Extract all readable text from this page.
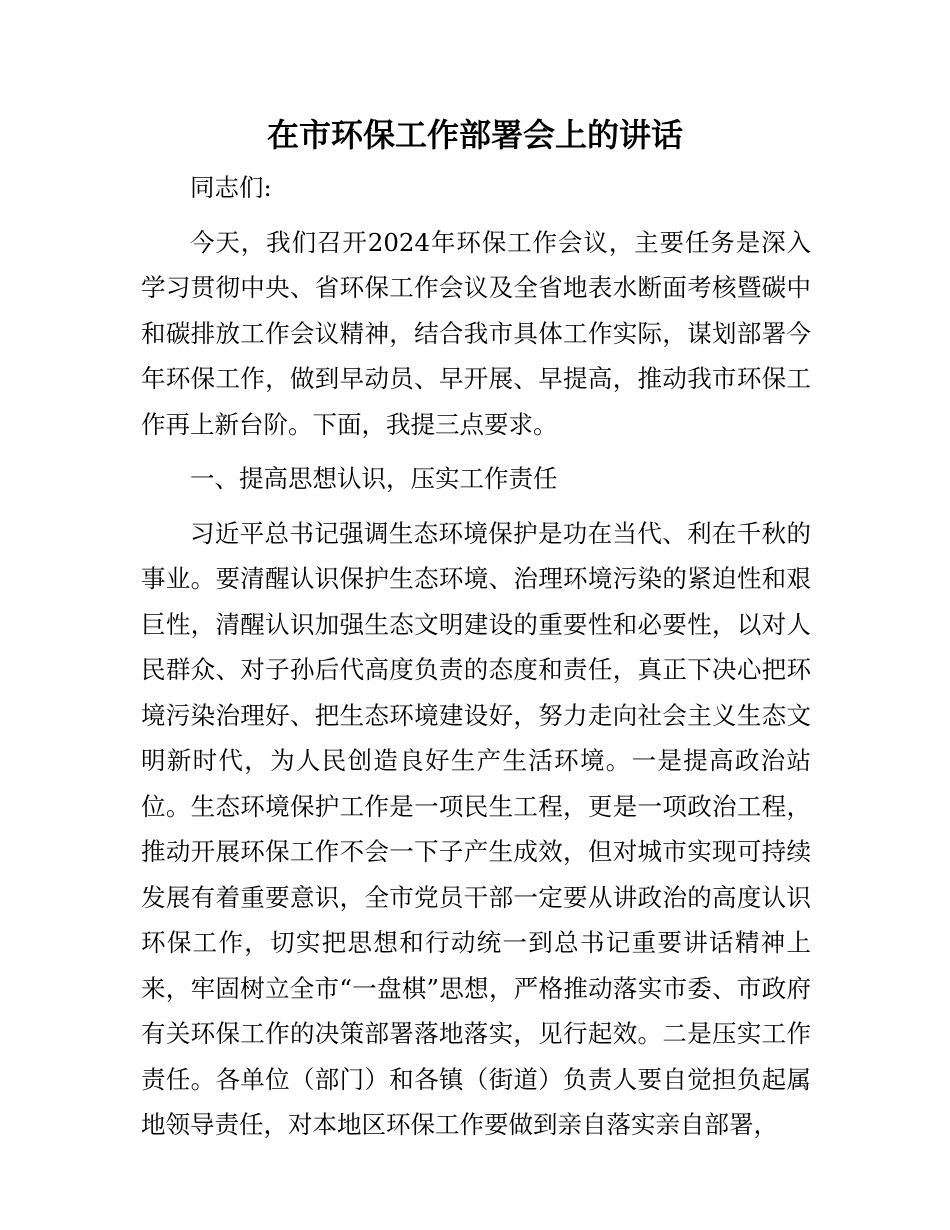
在市环保工作部署会上的讲话

同志们:

今天，我们召开2024年环保工作会议，主要任务是深入学习贯彻中央、省环保工作会议及全省地表水断面考核暨碳中和碳排放工作会议精神，结合我市具体工作实际，谋划部署今年环保工作，做到早动员、早开展、早提高，推动我市环保工作再上新台阶。下面，我提三点要求。

一、提高思想认识，压实工作责任

习近平总书记强调生态环境保护是功在当代、利在千秋的事业。要清醒认识保护生态环境、治理环境污染的紧迫性和艰巨性，清醒认识加强生态文明建设的重要性和必要性，以对人民群众、对子孙后代高度负责的态度和责任，真正下决心把环境污染治理好、把生态环境建设好，努力走向社会主义生态文明新时代，为人民创造良好生产生活环境。一是提高政治站位。生态环境保护工作是一项民生工程，更是一项政治工程，推动开展环保工作不会一下子产生成效，但对城市实现可持续发展有着重要意识，全市党员干部一定要从讲政治的高度认识环保工作，切实把思想和行动统一到总书记重要讲话精神上来，牢固树立全市“一盘棋”思想，严格推动落实市委、市政府有关环保工作的决策部署落地落实，见行起效。二是压实工作责任。各单位（部门）和各镇（街道）负责人要自觉担负起属地领导责任，对本地区环保工作要做到亲自落实亲自部署，
